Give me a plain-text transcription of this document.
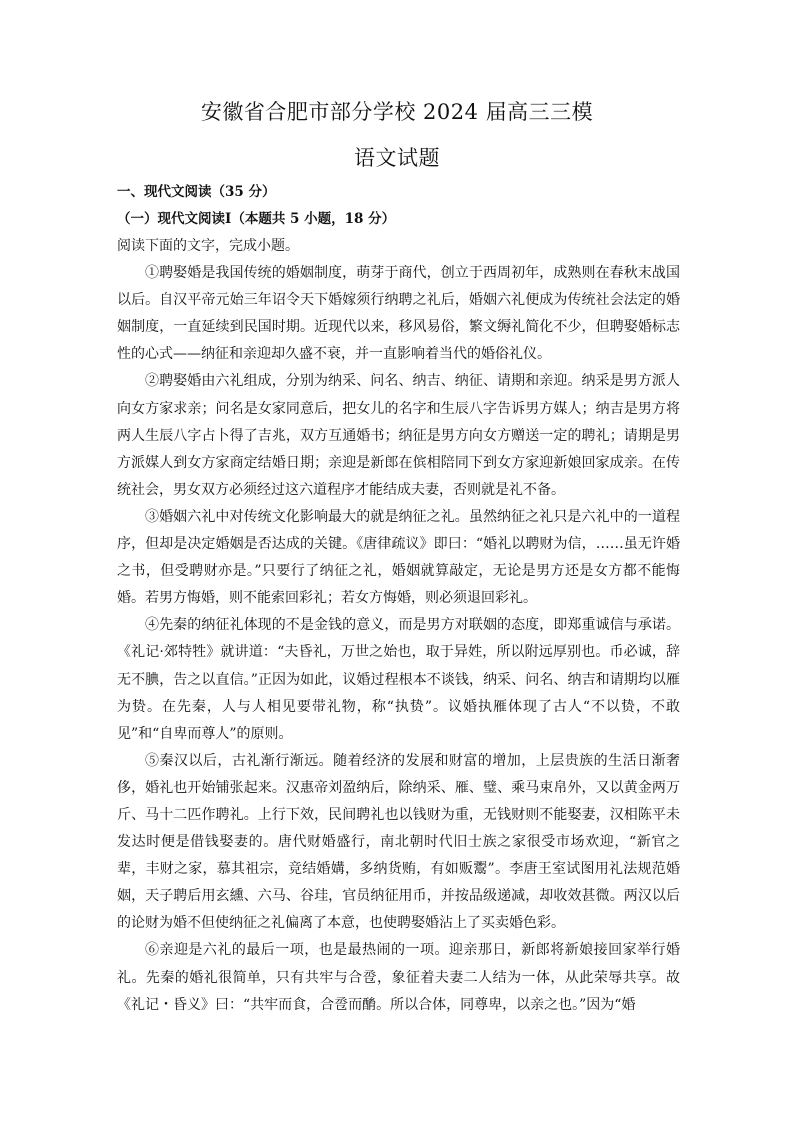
安徽省合肥市部分学校 2024 届高三三模
语文试题
一、现代文阅读（35 分）
（一）现代文阅读Ⅰ（本题共 5 小题，18 分）

阅读下面的文字，完成小题。

①聘娶婚是我国传统的婚姻制度，萌芽于商代，创立于西周初年，成熟则在春秋末战国以后。自汉平帝元始三年诏令天下婚嫁须行纳聘之礼后，婚姻六礼便成为传统社会法定的婚姻制度，一直延续到民国时期。近现代以来，移风易俗，繁文缛礼简化不少，但聘娶婚标志性的心式——纳征和亲迎却久盛不衰，并一直影响着当代的婚俗礼仪。

②聘娶婚由六礼组成，分别为纳采、问名、纳吉、纳征、请期和亲迎。纳采是男方派人向女方家求亲；问名是女家同意后，把女儿的名字和生辰八字告诉男方媒人；纳吉是男方将两人生辰八字占卜得了吉兆，双方互通婚书；纳征是男方向女方赠送一定的聘礼；请期是男方派媒人到女方家商定结婚日期；亲迎是新郎在傧相陪同下到女方家迎新娘回家成亲。在传统社会，男女双方必须经过这六道程序才能结成夫妻，否则就是礼不备。

③婚姻六礼中对传统文化影响最大的就是纳征之礼。虽然纳征之礼只是六礼中的一道程序，但却是决定婚姻是否达成的关键。《唐律疏议》即曰：“婚礼以聘财为信，……虽无许婚之书，但受聘财亦是。”只要行了纳征之礼，婚姻就算敲定，无论是男方还是女方都不能悔婚。若男方悔婚，则不能索回彩礼；若女方悔婚，则必须退回彩礼。

④先秦的纳征礼体现的不是金钱的意义，而是男方对联姻的态度，即郑重诚信与承诺。《礼记·郊特牲》就讲道：“夫昏礼，万世之始也，取于异姓，所以附远厚别也。币必诚，辞无不腆，告之以直信。”正因为如此，议婚过程根本不谈钱，纳采、问名、纳吉和请期均以雁为贽。在先秦，人与人相见要带礼物，称“执贽”。议婚执雁体现了古人“不以贽，不敢见”和“自卑而尊人”的原则。

⑤秦汉以后，古礼渐行渐远。随着经济的发展和财富的增加，上层贵族的生活日渐奢侈，婚礼也开始铺张起来。汉惠帝刘盈纳后，除纳采、雁、璧、乘马束帛外，又以黄金两万斤、马十二匹作聘礼。上行下效，民间聘礼也以钱财为重，无钱财则不能娶妻，汉相陈平未发达时便是借钱娶妻的。唐代财婚盛行，南北朝时代旧士族之家很受市场欢迎，“新官之辈，丰财之家，慕其祖宗，竞结婚媾，多纳货贿，有如贩鬻”。李唐王室试图用礼法规范婚姻，天子聘后用玄纁、六马、谷珪，官员纳征用币，并按品级递减，却收效甚微。两汉以后的论财为婚不但使纳征之礼偏离了本意，也使聘娶婚沾上了买卖婚色彩。

⑥亲迎是六礼的最后一项，也是最热闹的一项。迎亲那日，新郎将新娘接回家举行婚礼。先秦的婚礼很简单，只有共牢与合卺，象征着夫妻二人结为一体，从此荣辱共享。故《礼记・昏义》曰：“共牢而食，合卺而酳。所以合体，同尊卑，以亲之也。”因为“婚
